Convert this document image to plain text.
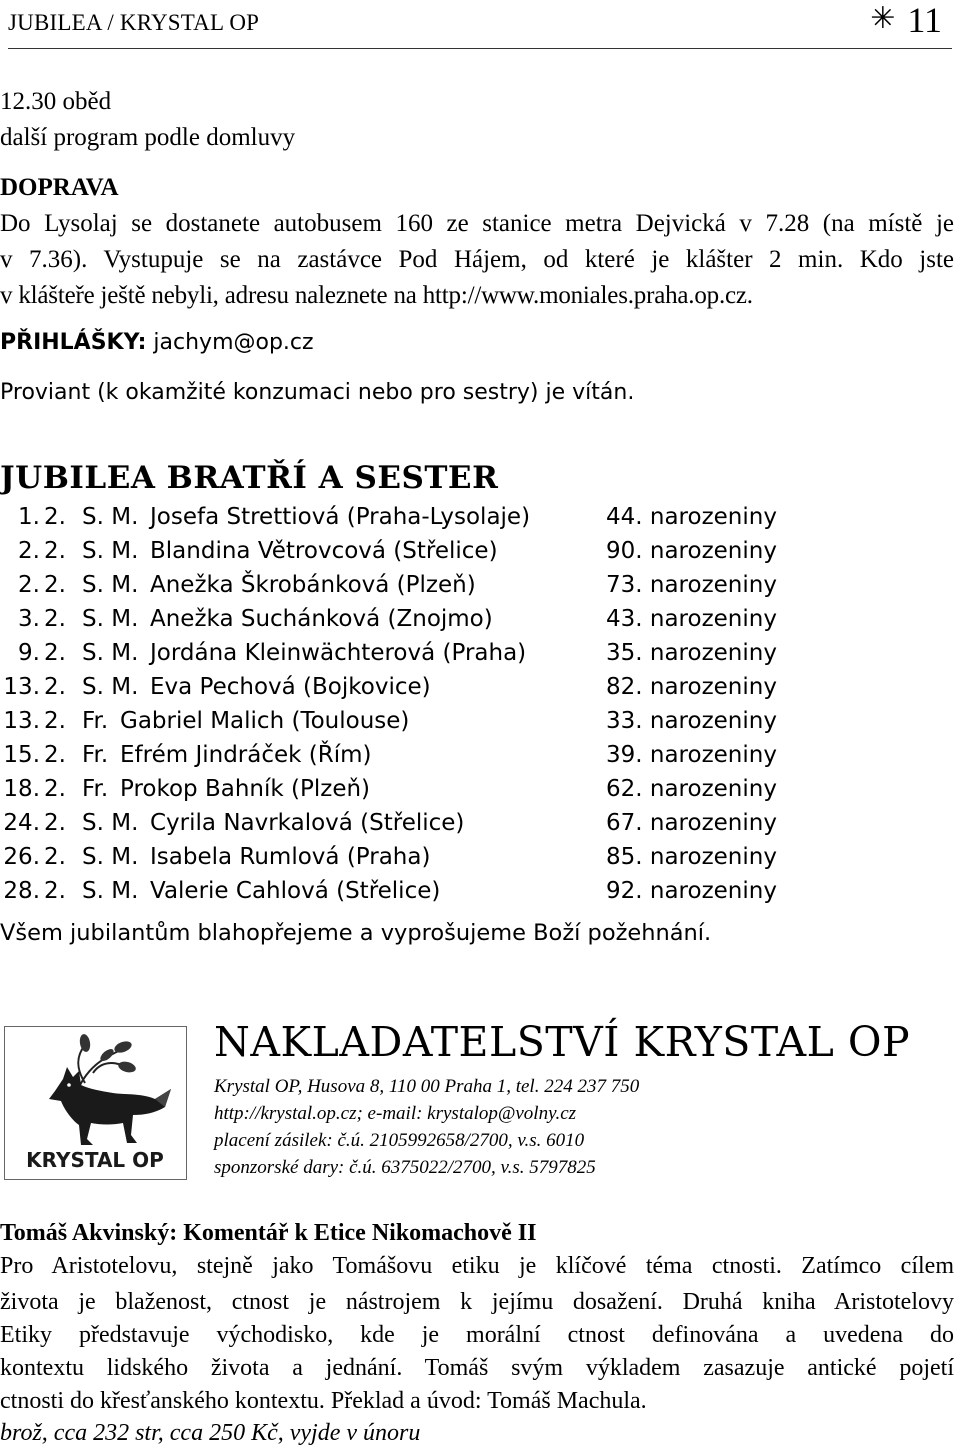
JUBILEA / KRYSTAL OP	✳ 11
12.30 oběd
další program podle domluvy
DOPRAVA
Do Lysolaj se dostanete autobusem 160 ze stanice metra Dejvická v 7.28 (na místě je
v 7.36). Vystupuje se na zastávce Pod Hájem, od které je klášter 2 min. Kdo jste
v klášteře ještě nebyli, adresu naleznete na http://www.moniales.praha.op.cz.
PŘIHLÁŠKY: jachym@op.cz
Proviant (k okamžité konzumaci nebo pro sestry) je vítán.
JUBILEA BRATŘÍ A SESTER
1. 2. S. M. Josefa Strettiová (Praha-Lysolaje)	44. narozeniny
2. 2. S. M. Blandina Větrovcová (Střelice)	90. narozeniny
2. 2. S. M. Anežka Škrobánková (Plzeň)	73. narozeniny
3. 2. S. M. Anežka Suchánková (Znojmo)	43. narozeniny
9. 2. S. M. Jordána Kleinwächterová (Praha)	35. narozeniny
13. 2. S. M. Eva Pechová (Bojkovice)	82. narozeniny
13. 2. Fr. Gabriel Malich (Toulouse)	33. narozeniny
15. 2. Fr. Efrém Jindráček (Řím)	39. narozeniny
18. 2. Fr. Prokop Bahník (Plzeň)	62. narozeniny
24. 2. S. M. Cyrila Navrkalová (Střelice)	67. narozeniny
26. 2. S. M. Isabela Rumlová (Praha)	85. narozeniny
28. 2. S. M. Valerie Cahlová (Střelice)	92. narozeniny
Všem jubilantům blahopřejeme a vyprošujeme Boží požehnání.
KRYSTAL OP
NAKLADATELSTVÍ KRYSTAL OP
Krystal OP, Husova 8, 110 00 Praha 1, tel. 224 237 750
http://krystal.op.cz; e-mail: krystalop@volny.cz
placení zásilek: č.ú. 2105992658/2700, v.s. 6010
sponzorské dary: č.ú. 6375022/2700, v.s. 5797825
Tomáš Akvinský: Komentář k Etice Nikomachově II
Pro Aristotelovu, stejně jako Tomášovu etiku je klíčové téma ctnosti. Zatímco cílem
života je blaženost, ctnost je nástrojem k jejímu dosažení. Druhá kniha Aristotelovy
Etiky představuje východisko, kde je morální ctnost definována a uvedena do
kontextu lidského života a jednání. Tomáš svým výkladem zasazuje antické pojetí
ctnosti do křesťanského kontextu. Překlad a úvod: Tomáš Machula.
brož, cca 232 str, cca 250 Kč, vyjde v únoru
